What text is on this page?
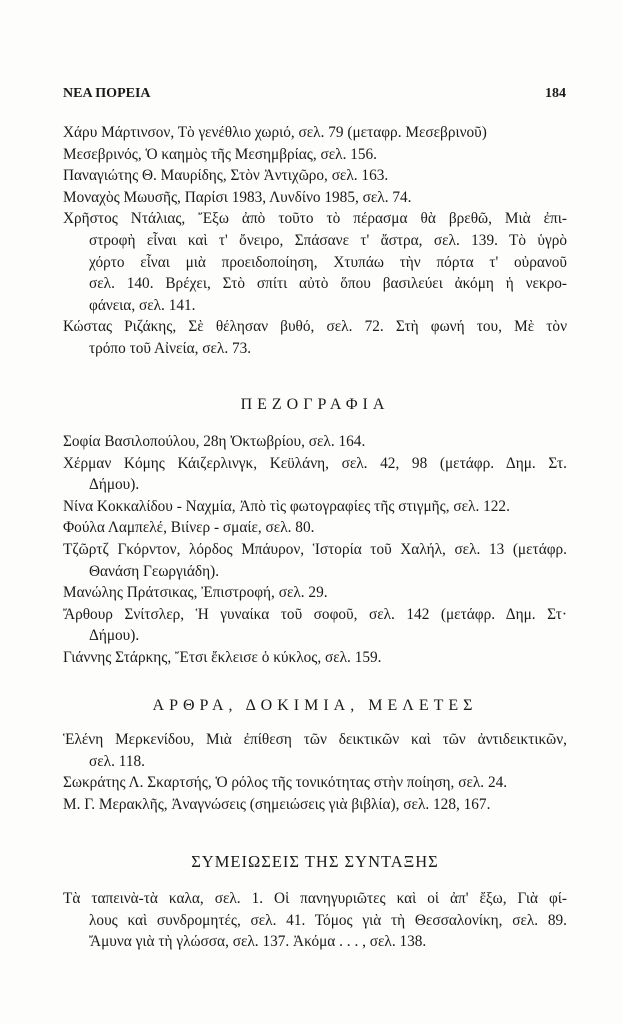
ΝΕΑ ΠΟΡΕΙΑ	184
Χάρυ Μάρτινσον, Τὸ γενέθλιο χωριό, σελ. 79 (μεταφρ. Μεσεβρινοῦ)
Μεσεβρινός, Ὁ καημὸς τῆς Μεσημβρίας, σελ. 156.
Παναγιώτης Θ. Μαυρίδης, Στὸν Ἀντιχῶρο, σελ. 163.
Μοναχὸς Μωυσῆς, Παρίσι 1983, Λυνδίνο 1985, σελ. 74.
Χρῆστος Ντάλιας, Ἔξω ἀπὸ τοῦτο τὸ πέρασμα θὰ βρεθῶ, Μιὰ ἐπι-
στροφὴ εἶναι καὶ τ' ὄνειρο, Σπάσανε τ' ἄστρα, σελ. 139. Τὸ ὑγρὸ
χόρτο εἶναι μιὰ προειδοποίηση, Χτυπάω τὴν πόρτα τ' οὐρανοῦ
σελ. 140. Βρέχει, Στὸ σπίτι αὐτὸ ὅπου βασιλεύει ἀκόμη ἡ νεκρο-
φάνεια, σελ. 141.
Κώστας Ριζάκης, Σὲ θέλησαν βυθό, σελ. 72. Στὴ φωνή του, Μὲ τὸν
τρόπο τοῦ Αἰνεία, σελ. 73.
ΠΕΖΟΓΡΑΦΙΑ
Σοφία Βασιλοπούλου, 28η Ὀκτωβρίου, σελ. 164.
Χέρμαν Κόμης Κάιζερλινγκ, Κεϋλάνη, σελ. 42, 98 (μετάφρ. Δημ. Στ.
Δήμου).
Νίνα Κοκκαλίδου - Ναχμία, Ἀπὸ τὶς φωτογραφίες τῆς στιγμῆς, σελ. 122.
Φούλα Λαμπελέ, Βιίνερ - σμαίε, σελ. 80.
Τζῶρτζ Γκόρντον, λόρδος Μπάυρον, Ἱστορία τοῦ Χαλήλ, σελ. 13 (μετάφρ.
Θανάση Γεωργιάδη).
Μανώλης Πράτσικας, Ἐπιστροφή, σελ. 29.
Ἄρθουρ Σνίτσλερ, Ἡ γυναίκα τοῦ σοφοῦ, σελ. 142 (μετάφρ. Δημ. Στ·
Δήμου).
Γιάννης Στάρκης, Ἔτσι ἔκλεισε ὁ κύκλος, σελ. 159.
ΑΡΘΡΑ, ΔΟΚΙΜΙΑ, ΜΕΛΕΤΕΣ
Ἑλένη Μερκενίδου, Μιὰ ἐπίθεση τῶν δεικτικῶν καὶ τῶν ἀντιδεικτικῶν,
σελ. 118.
Σωκράτης Λ. Σκαρτσής, Ὁ ρόλος τῆς τονικότητας στὴν ποίηση, σελ. 24.
Μ. Γ. Μερακλῆς, Ἀναγνώσεις (σημειώσεις γιὰ βιβλία), σελ. 128, 167.
ΣΥΜΕΙΩΣΕΙΣ ΤΗΣ ΣΥΝΤΑΞΗΣ
Τὰ ταπεινὰ-τὰ καλα, σελ. 1. Οἱ πανηγυριῶτες καὶ οἱ ἀπ' ἔξω, Γιὰ φί-
λους καὶ συνδρομητές, σελ. 41. Τόμος γιὰ τὴ Θεσσαλονίκη, σελ. 89.
Ἄμυνα γιὰ τὴ γλώσσα, σελ. 137. Ἀκόμα . . . , σελ. 138.
